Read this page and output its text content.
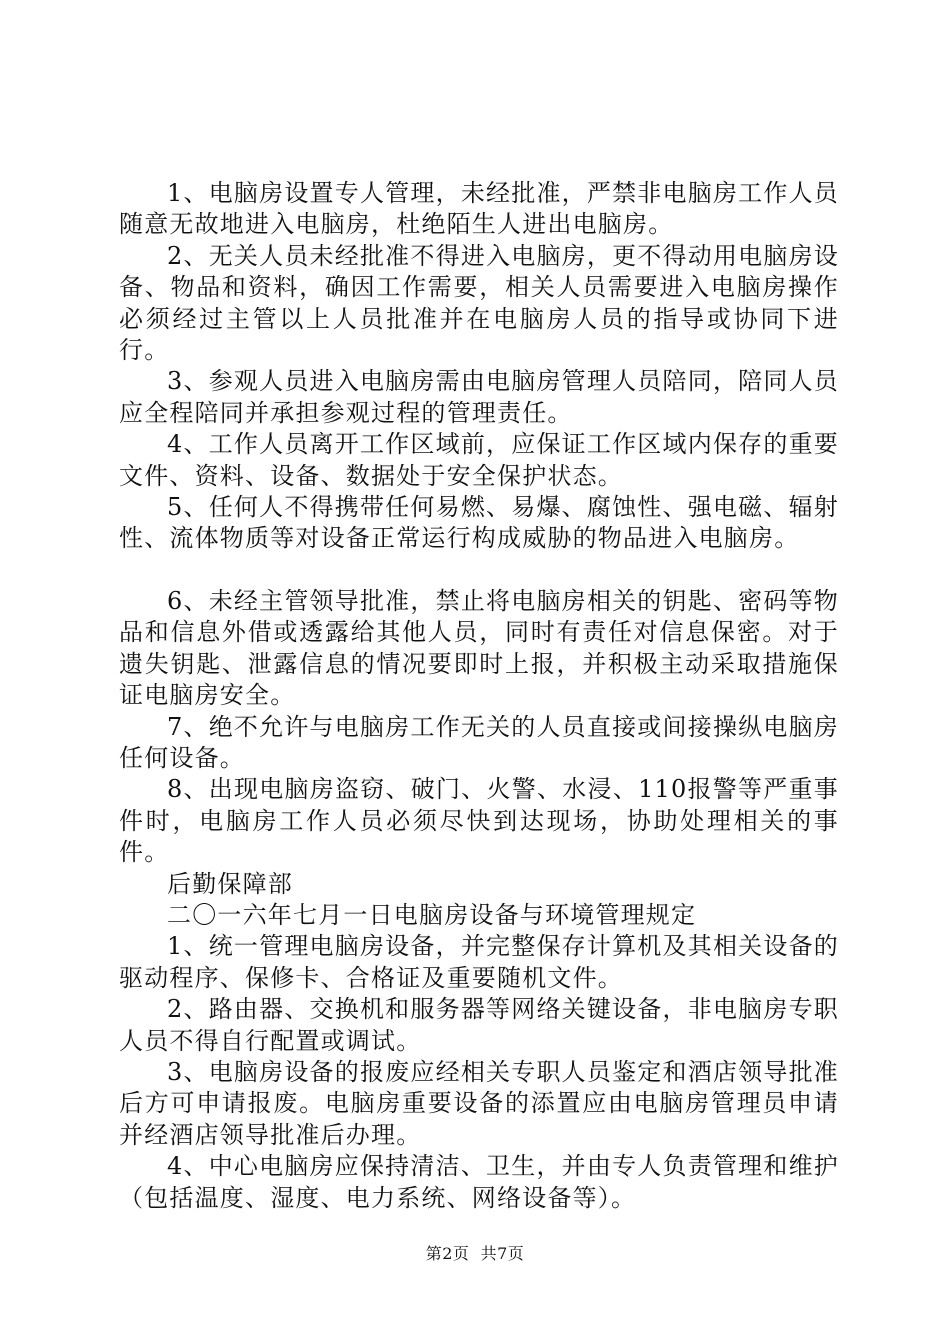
1、电脑房设置专人管理，未经批准，严禁非电脑房工作人员随意无故地进入电脑房，杜绝陌生人进出电脑房。

2、无关人员未经批准不得进入电脑房，更不得动用电脑房设备、物品和资料，确因工作需要，相关人员需要进入电脑房操作必须经过主管以上人员批准并在电脑房人员的指导或协同下进行。

3、参观人员进入电脑房需由电脑房管理人员陪同，陪同人员应全程陪同并承担参观过程的管理责任。

4、工作人员离开工作区域前，应保证工作区域内保存的重要文件、资料、设备、数据处于安全保护状态。

5、任何人不得携带任何易燃、易爆、腐蚀性、强电磁、辐射性、流体物质等对设备正常运行构成威胁的物品进入电脑房。

6、未经主管领导批准，禁止将电脑房相关的钥匙、密码等物品和信息外借或透露给其他人员，同时有责任对信息保密。对于遗失钥匙、泄露信息的情况要即时上报，并积极主动采取措施保证电脑房安全。

7、绝不允许与电脑房工作无关的人员直接或间接操纵电脑房任何设备。

8、出现电脑房盗窃、破门、火警、水浸、110报警等严重事件时，电脑房工作人员必须尽快到达现场，协助处理相关的事件。

后勤保障部

二〇一六年七月一日电脑房设备与环境管理规定

1、统一管理电脑房设备，并完整保存计算机及其相关设备的驱动程序、保修卡、合格证及重要随机文件。

2、路由器、交换机和服务器等网络关键设备，非电脑房专职人员不得自行配置或调试。

3、电脑房设备的报废应经相关专职人员鉴定和酒店领导批准后方可申请报废。电脑房重要设备的添置应由电脑房管理员申请并经酒店领导批准后办理。

4、中心电脑房应保持清洁、卫生，并由专人负责管理和维护（包括温度、湿度、电力系统、网络设备等）。

第2页 共7页
